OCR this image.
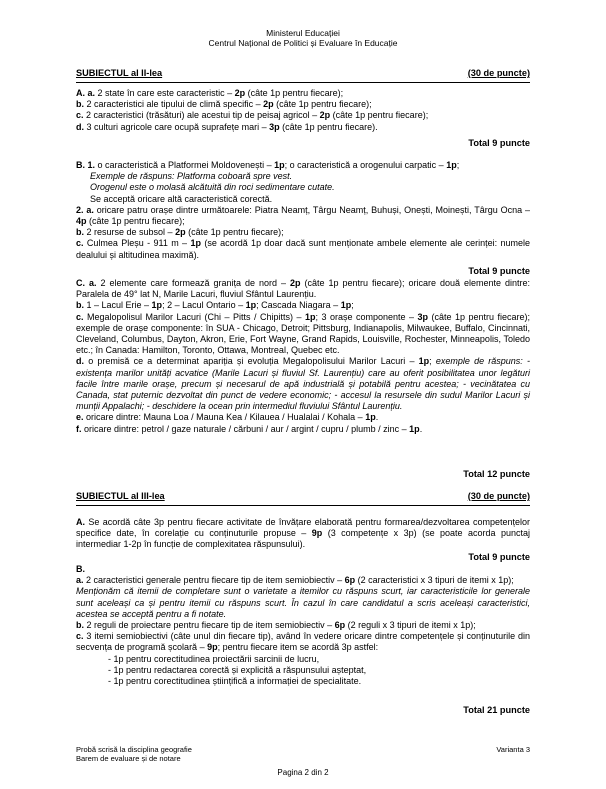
Ministerul Educației
Centrul Național de Politici și Evaluare în Educație
SUBIECTUL al II-lea	(30 de puncte)

A. a. 2 state în care este caracteristic – 2p (câte 1p pentru fiecare);

b. 2 caracteristici ale tipului de climă specific – 2p (câte 1p pentru fiecare);

c. 2 caracteristici (trăsături) ale acestui tip de peisaj agricol – 2p (câte 1p pentru fiecare);

d. 3 culturi agricole care ocupă suprafețe mari – 3p (câte 1p pentru fiecare).

Total 9 puncte

B. 1. o caracteristică a Platformei Moldovenești – 1p; o caracteristică a orogenului carpatic – 1p;

Exemple de răspuns: Platforma coboară spre vest.

Orogenul este o molasă alcătuită din roci sedimentare cutate.

Se acceptă oricare altă caracteristică corectă.

2. a. oricare patru orașe dintre următoarele: Piatra Neamț, Târgu Neamț, Buhuși, Onești, Moinești, Târgu Ocna – 4p (câte 1p pentru fiecare);

b. 2 resurse de subsol – 2p (câte 1p pentru fiecare);

c. Culmea Pleșu - 911 m – 1p (se acordă 1p doar dacă sunt menționate ambele elemente ale cerinței: numele dealului și altitudinea maximă).

Total 9 puncte

C. a. 2 elemente care formează granița de nord – 2p (câte 1p pentru fiecare); oricare două elemente dintre: Paralela de 49° lat N, Marile Lacuri, fluviul Sfântul Laurențiu.

b. 1 – Lacul Erie – 1p; 2 – Lacul Ontario – 1p; Cascada Niagara – 1p;

c. Megalopolisul Marilor Lacuri (Chi – Pitts / Chipitts) – 1p; 3 orașe componente – 3p (câte 1p pentru fiecare); exemple de orașe componente: în SUA - Chicago, Detroit; Pittsburg, Indianapolis, Milwaukee, Buffalo, Cincinnati, Cleveland, Columbus, Dayton, Akron, Erie, Fort Wayne, Grand Rapids, Louisville, Rochester, Minneapolis, Toledo etc.; în Canada: Hamilton, Toronto, Ottawa, Montreal, Quebec etc.

d. o premisă ce a determinat apariția și evoluția Megalopolisului Marilor Lacuri – 1p; exemple de răspuns: - existența marilor unități acvatice (Marile Lacuri și fluviul Sf. Laurențiu) care au oferit posibilitatea unor legături facile între marile orașe, precum și necesarul de apă industrială și potabilă pentru acestea; - vecinătatea cu Canada, stat puternic dezvoltat din punct de vedere economic; - accesul la resursele din sudul Marilor Lacuri și munții Appalachi; - deschidere la ocean prin intermediul fluviului Sfântul Laurențiu.

e. oricare dintre: Mauna Loa / Mauna Kea / Kilauea / Hualalai / Kohala – 1p.

f. oricare dintre: petrol / gaze naturale / cărbuni / aur / argint / cupru / plumb / zinc – 1p.

Total 12 puncte
SUBIECTUL al III-lea	(30 de puncte)

A. Se acordă câte 3p pentru fiecare activitate de învățare elaborată pentru formarea/dezvoltarea competențelor specifice date, în corelație cu conținuturile propuse – 9p (3 competențe x 3p) (se poate acorda punctaj intermediar 1-2p în funcție de complexitatea răspunsului).

Total 9 puncte

B.

a. 2 caracteristici generale pentru fiecare tip de item semiobiectiv – 6p (2 caracteristici x 3 tipuri de itemi x 1p);

Menționăm că itemii de completare sunt o varietate a itemilor cu răspuns scurt, iar caracteristicile lor generale sunt aceleași ca și pentru itemii cu răspuns scurt. În cazul în care candidatul a scris aceleași caracteristici, acestea se acceptă pentru a fi notate.

b. 2 reguli de proiectare pentru fiecare tip de item semiobiectiv – 6p (2 reguli x 3 tipuri de itemi x 1p);

c. 3 itemi semiobiectivi (câte unul din fiecare tip), având în vedere oricare dintre competențele și conținuturile din secvența de programă școlară – 9p; pentru fiecare item se acordă 3p astfel:

- 1p pentru corectitudinea proiectării sarcinii de lucru,

- 1p pentru redactarea corectă și explicită a răspunsului așteptat,

- 1p pentru corectitudinea științifică a informației de specialitate.

Total 21 puncte
Probă scrisă la disciplina geografie
Barem de evaluare și de notare
Varianta 3
Pagina 2 din 2
